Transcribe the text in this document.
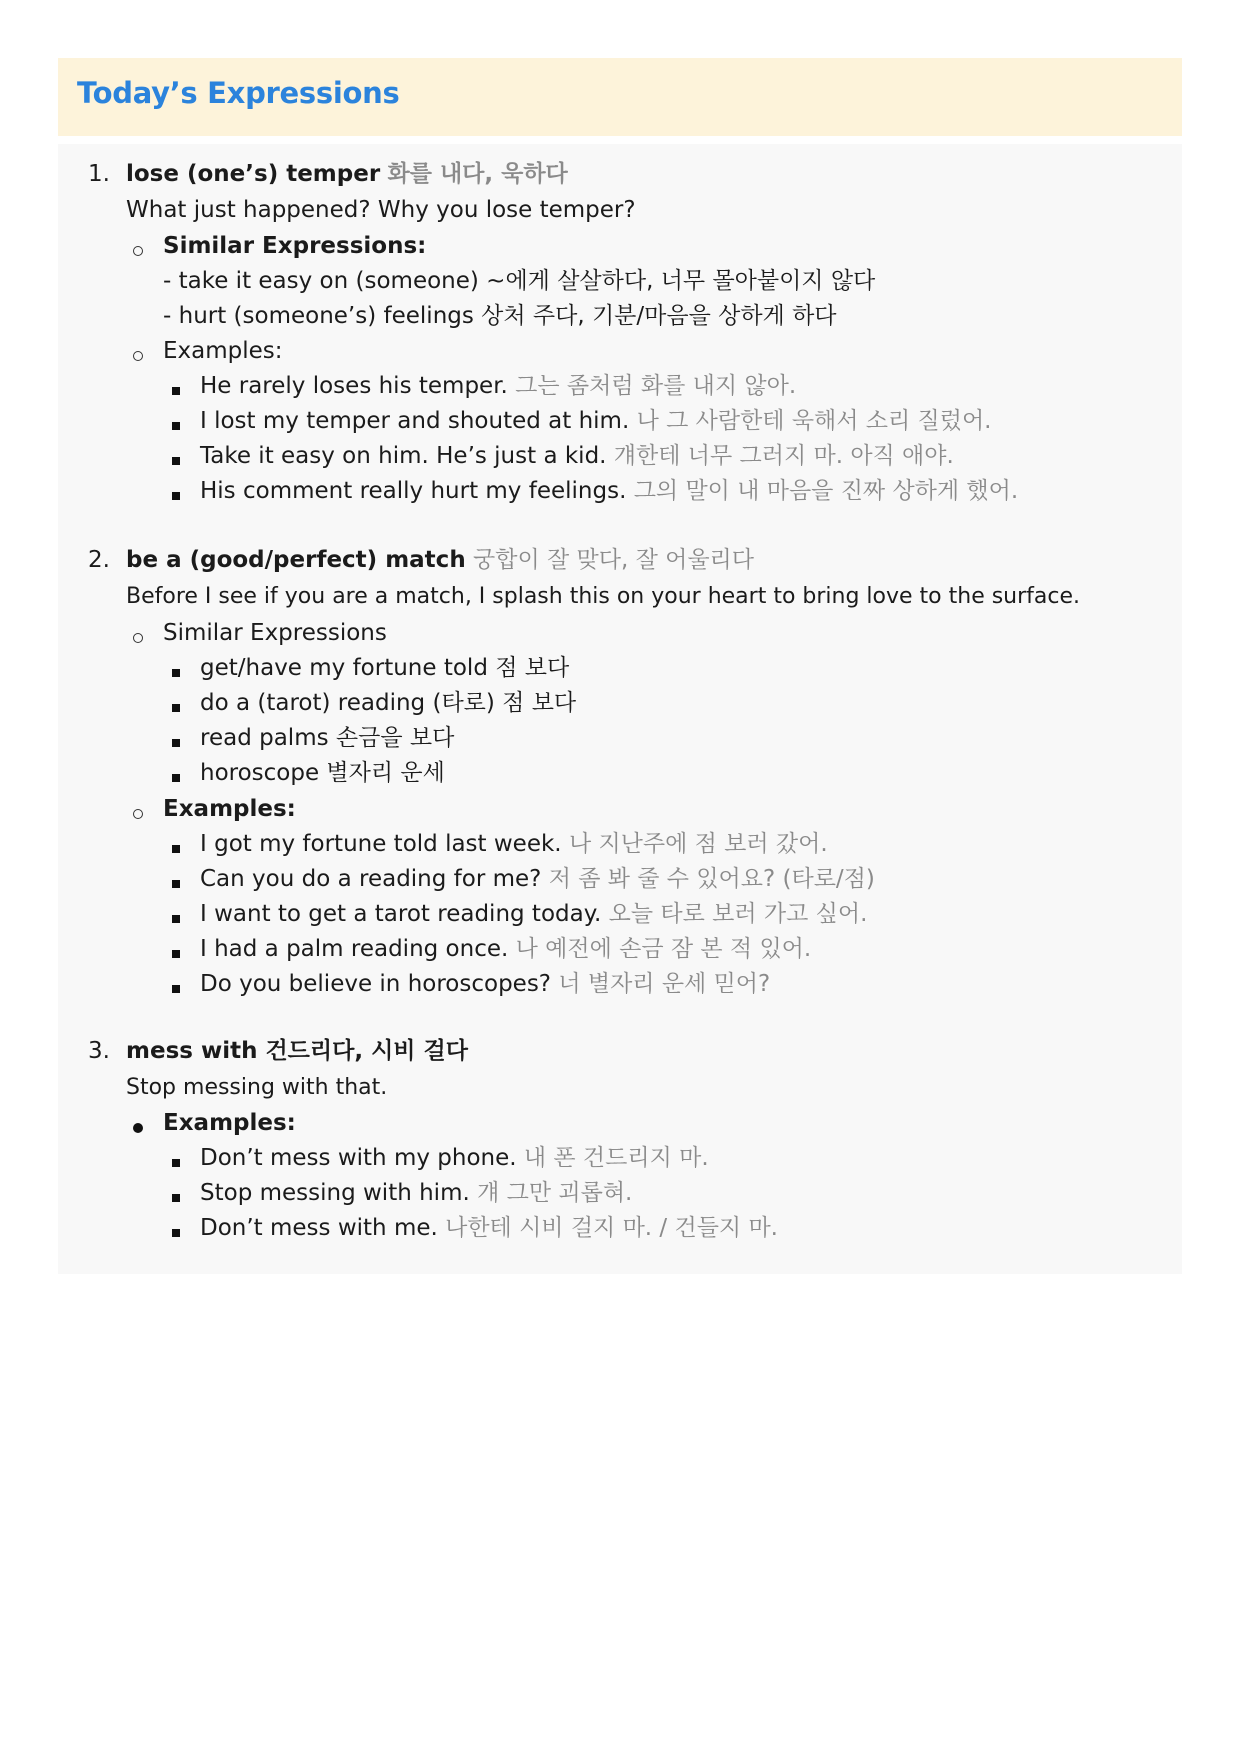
Today’s Expressions
1. lose (one’s) temper 화를 내다, 욱하다
What just happened? Why you lose temper?
Similar Expressions:
- take it easy on (someone) ~에게 살살하다, 너무 몰아붙이지 않다
- hurt (someone’s) feelings 상처 주다, 기분/마음을 상하게 하다
Examples:
He rarely loses his temper. 그는 좀처럼 화를 내지 않아.
I lost my temper and shouted at him. 나 그 사람한테 욱해서 소리 질렀어.
Take it easy on him. He’s just a kid. 걔한테 너무 그러지 마. 아직 애야.
His comment really hurt my feelings. 그의 말이 내 마음을 진짜 상하게 했어.
2. be a (good/perfect) match 궁합이 잘 맞다, 잘 어울리다
Before I see if you are a match, I splash this on your heart to bring love to the surface.
Similar Expressions
get/have my fortune told 점 보다
do a (tarot) reading (타로) 점 보다
read palms 손금을 보다
horoscope 별자리 운세
Examples:
I got my fortune told last week. 나 지난주에 점 보러 갔어.
Can you do a reading for me? 저 좀 봐 줄 수 있어요? (타로/점)
I want to get a tarot reading today. 오늘 타로 보러 가고 싶어.
I had a palm reading once. 나 예전에 손금 잠 본 적 있어.
Do you believe in horoscopes? 너 별자리 운세 믿어?
3. mess with 건드리다, 시비 걸다
Stop messing with that.
Examples:
Don’t mess with my phone. 내 폰 건드리지 마.
Stop messing with him. 걔 그만 괴롭혀.
Don’t mess with me. 나한테 시비 걸지 마. / 건들지 마.
